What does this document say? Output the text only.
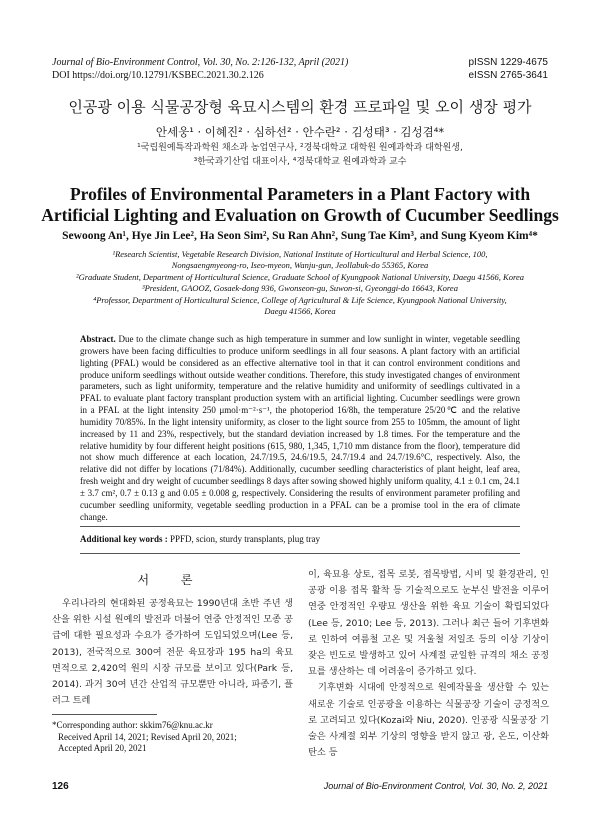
Journal of Bio-Environment Control, Vol. 30, No. 2:126-132, April (2021)
DOI https://doi.org/10.12791/KSBEC.2021.30.2.126
pISSN 1229-4675
eISSN 2765-3641
인공광 이용 식물공장형 육묘시스템의 환경 프로파일 및 오이 생장 평가
안세웅¹ · 이혜진² · 심하선² · 안수란² · 김성태³ · 김성겸⁴*
¹국립원예특작과학원 채소과 농업연구사, ²경북대학교 대학원 원예과학과 대학원생,
³한국과기산업 대표이사, ⁴경북대학교 원예과학과 교수
Profiles of Environmental Parameters in a Plant Factory with Artificial Lighting and Evaluation on Growth of Cucumber Seedlings
Sewoong An¹, Hye Jin Lee², Ha Seon Sim², Su Ran Ahn², Sung Tae Kim³, and Sung Kyeom Kim⁴*
¹Research Scientist, Vegetable Research Division, National Institute of Horticultural and Herbal Science, 100,
Nongsaengmyeong-ro, Iseo-myeon, Wanju-gun, Jeollabuk-do 55365, Korea
²Graduate Student, Department of Horticultural Science, Graduate School of Kyungpook National University, Daegu 41566, Korea
³President, GAOOZ, Gosaek-dong 936, Gwonseon-gu, Suwon-si, Gyeonggi-do 16643, Korea
⁴Professor, Department of Horticultural Science, College of Agricultural & Life Science, Kyungpook National University,
Daegu 41566, Korea
Abstract. Due to the climate change such as high temperature in summer and low sunlight in winter, vegetable seedling growers have been facing difficulties to produce uniform seedlings in all four seasons. A plant factory with an artificial lighting (PFAL) would be considered as an effective alternative tool in that it can control environment conditions and produce uniform seedlings without outside weather conditions. Therefore, this study investigated changes of environment parameters, such as light uniformity, temperature and the relative humidity and uniformity of seedlings cultivated in a PFAL to evaluate plant factory transplant production system with an artificial lighting. Cucumber seedlings were grown in a PFAL at the light intensity 250 μmol·m⁻²·s⁻¹, the photoperiod 16/8h, the temperature 25/20℃ and the relative humidity 70/85%. In the light intensity uniformity, as closer to the light source from 255 to 105mm, the amount of light increased by 11 and 23%, respectively, but the standard deviation increased by 1.8 times. For the temperature and the relative humidity by four different height positions (615, 980, 1,345, 1,710 mm distance from the floor), temperature did not show much difference at each location, 24.7/19.5, 24.6/19.5, 24.7/19.4 and 24.7/19.6°C, respectively. Also, the relative did not differ by locations (71/84%). Additionally, cucumber seedling characteristics of plant height, leaf area, fresh weight and dry weight of cucumber seedlings 8 days after sowing showed highly uniform quality, 4.1 ± 0.1 cm, 24.1 ± 3.7 cm², 0.7 ± 0.13 g and 0.05 ± 0.008 g, respectively. Considering the results of environment parameter profiling and cucumber seedling uniformity, vegetable seedling production in a PFAL can be a promise tool in the era of climate change.
Additional key words : PPFD, scion, sturdy transplants, plug tray
서 론

우리나라의 현대화된 공정육묘는 1990년대 초반 주년 생산을 위한 시설 원예의 발전과 더불어 연중 안정적인 모종 공급에 대한 필요성과 수요가 증가하여 도입되었으며(Lee 등, 2013), 전국적으로 300여 전문 육묘장과 195 ha의 육묘 면적으로 2,420억 원의 시장 규모를 보이고 있다(Park 등, 2014). 과거 30여 년간 산업적 규모뿐만 아니라, 파종기, 플러그 트레

이, 육묘용 상토, 접목 로봇, 접목방법, 시비 및 환경관리, 인공광 이용 접목 활착 등 기술적으로도 눈부신 발전을 이루어 연중 안정적인 우량묘 생산을 위한 육묘 기술이 확립되었다(Lee 등, 2010; Lee 등, 2013). 그러나 최근 들어 기후변화로 인하여 여름철 고온 및 겨울철 저일조 등의 이상 기상이 잦은 빈도로 발생하고 있어 사계절 균일한 규격의 채소 공정묘를 생산하는 데 어려움이 증가하고 있다.

기후변화 시대에 안정적으로 원예작물을 생산할 수 있는 새로운 기술로 인공광을 이용하는 식물공장 기술이 긍정적으로 고려되고 있다(Kozai와 Niu, 2020). 인공광 식물공장 기술은 사계절 외부 기상의 영향을 받지 않고 광, 온도, 이산화탄소 등

*Corresponding author: skkim76@knu.ac.kr
Received April 14, 2021; Revised April 20, 2021;
Accepted April 20, 2021
126	Journal of Bio-Environment Control, Vol. 30, No. 2, 2021
